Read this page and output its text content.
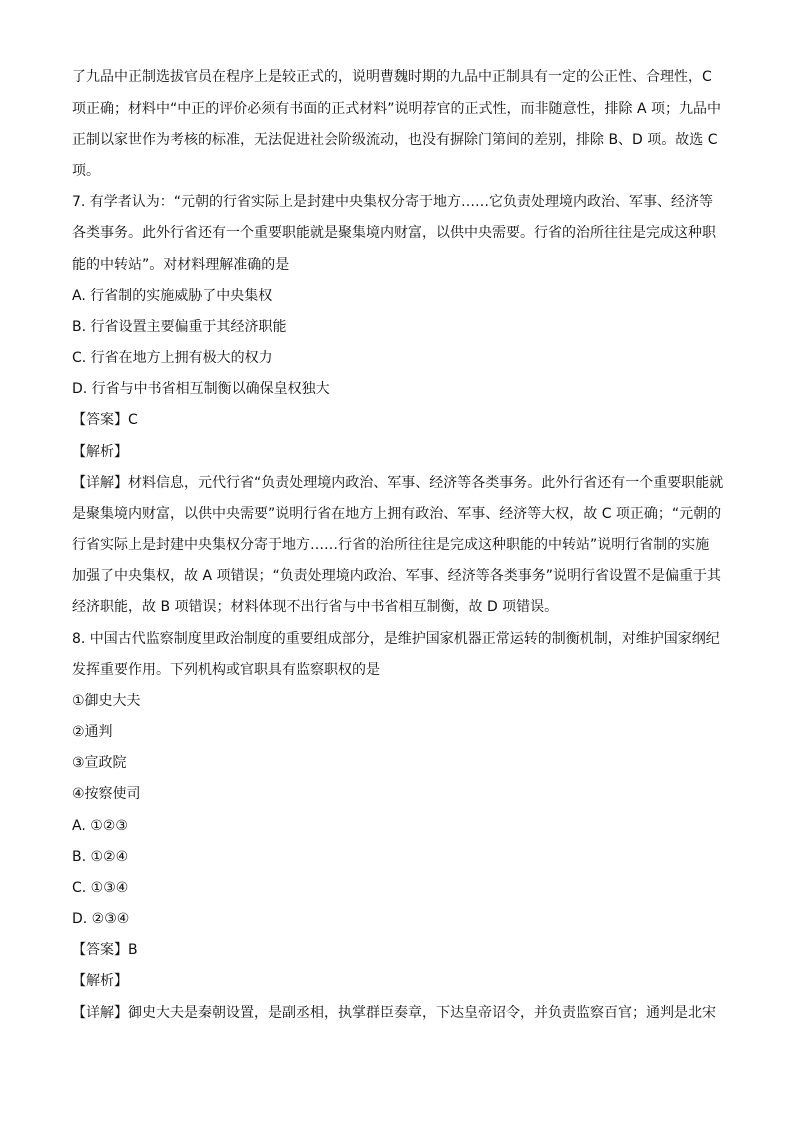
了九品中正制选拔官员在程序上是较正式的，说明曹魏时期的九品中正制具有一定的公正性、合理性，C
项正确；材料中“中正的评价必须有书面的正式材料”说明荐官的正式性，而非随意性，排除 A 项；九品中
正制以家世作为考核的标准，无法促进社会阶级流动，也没有摒除门第间的差别，排除 B、D 项。故选 C
项。
7. 有学者认为：“元朝的行省实际上是封建中央集权分寄于地方……它负责处理境内政治、军事、经济等
各类事务。此外行省还有一个重要职能就是聚集境内财富，以供中央需要。行省的治所往往是完成这种职
能的中转站”。对材料理解准确的是
A. 行省制的实施威胁了中央集权
B. 行省设置主要偏重于其经济职能
C. 行省在地方上拥有极大的权力
D. 行省与中书省相互制衡以确保皇权独大
【答案】C
【解析】
【详解】材料信息，元代行省“负责处理境内政治、军事、经济等各类事务。此外行省还有一个重要职能就
是聚集境内财富，以供中央需要”说明行省在地方上拥有政治、军事、经济等大权，故 C 项正确；“元朝的
行省实际上是封建中央集权分寄于地方……行省的治所往往是完成这种职能的中转站”说明行省制的实施
加强了中央集权，故 A 项错误；“负责处理境内政治、军事、经济等各类事务”说明行省设置不是偏重于其
经济职能，故 B 项错误；材料体现不出行省与中书省相互制衡，故 D 项错误。
8. 中国古代监察制度里政治制度的重要组成部分，是维护国家机器正常运转的制衡机制，对维护国家纲纪
发挥重要作用。下列机构或官职具有监察职权的是
①御史大夫
②通判
③宣政院
④按察使司
A. ①②③
B. ①②④
C. ①③④
D. ②③④
【答案】B
【解析】
【详解】御史大夫是秦朝设置，是副丞相，执掌群臣奏章，下达皇帝诏令，并负责监察百官；通判是北宋
